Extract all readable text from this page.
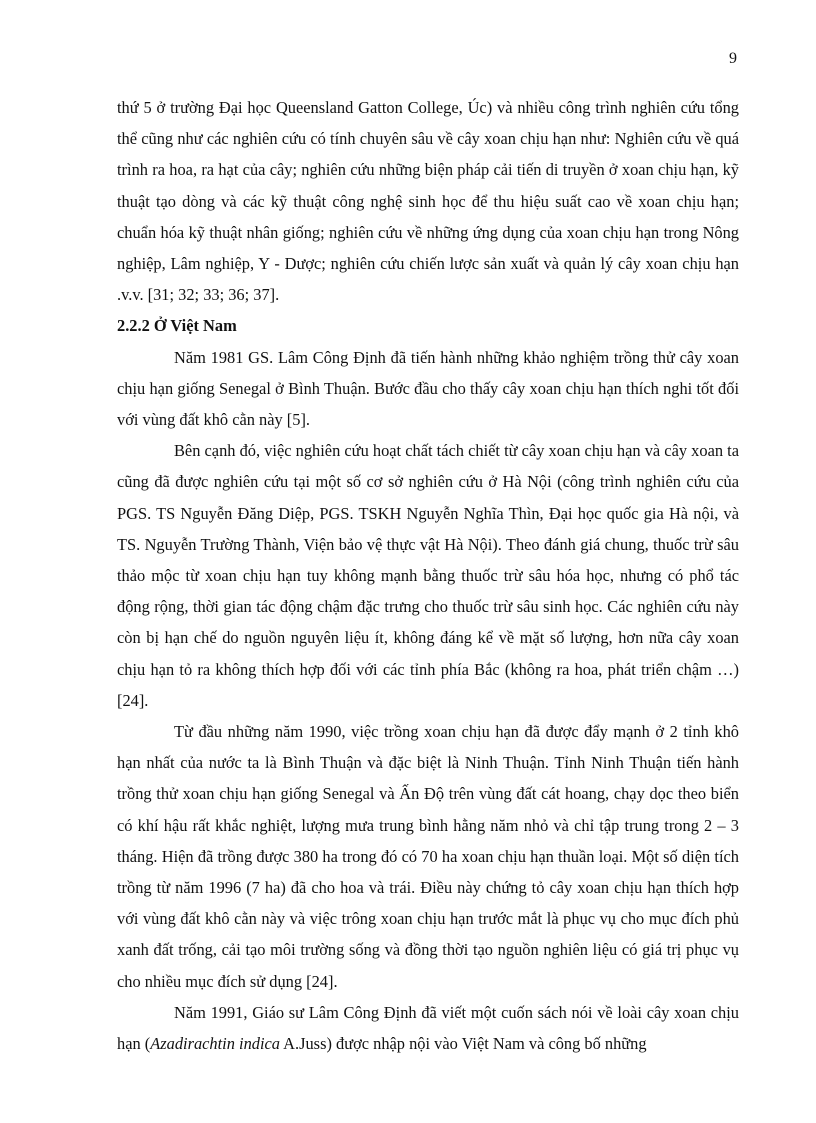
9

thứ 5 ở trường Đại học Queensland Gatton College, Úc) và nhiều công trình nghiên cứu tổng thể cũng như các nghiên cứu có tính chuyên sâu về cây xoan chịu hạn như: Nghiên cứu về quá trình ra hoa, ra hạt của cây; nghiên cứu những biện pháp cải tiến di truyền ở xoan chịu hạn, kỹ thuật tạo dòng và các kỹ thuật công nghệ sinh học để thu hiệu suất cao về xoan chịu hạn; chuẩn hóa kỹ thuật nhân giống; nghiên cứu về những ứng dụng của xoan chịu hạn trong Nông nghiệp, Lâm nghiệp, Y - Dược; nghiên cứu chiến lược sản xuất và quản lý cây xoan chịu hạn .v.v. [31; 32; 33; 36; 37].

2.2.2 Ở Việt Nam

Năm 1981 GS. Lâm Công Định đã tiến hành những khảo nghiệm trồng thử cây xoan chịu hạn giống Senegal ở Bình Thuận. Bước đầu cho thấy cây xoan chịu hạn thích nghi tốt đối với vùng đất khô cằn này [5].

Bên cạnh đó, việc nghiên cứu hoạt chất tách chiết từ cây xoan chịu hạn và cây xoan ta cũng đã được nghiên cứu tại một số cơ sở nghiên cứu ở Hà Nội (công trình nghiên cứu của PGS. TS Nguyễn Đăng Diệp, PGS. TSKH Nguyễn Nghĩa Thìn, Đại học quốc gia Hà nội, và TS. Nguyễn Trường Thành, Viện bảo vệ thực vật Hà Nội). Theo đánh giá chung, thuốc trừ sâu thảo mộc từ xoan chịu hạn tuy không mạnh bằng thuốc trừ sâu hóa học, nhưng có phổ tác động rộng, thời gian tác động chậm đặc trưng cho thuốc trừ sâu sinh học. Các nghiên cứu này còn bị hạn chế do nguồn nguyên liệu ít, không đáng kể về mặt số lượng, hơn nữa cây xoan chịu hạn tỏ ra không thích hợp đối với các tỉnh phía Bắc (không ra hoa, phát triển chậm …) [24].

Từ đầu những năm 1990, việc trồng xoan chịu hạn đã được đẩy mạnh ở 2 tỉnh khô hạn nhất của nước ta là Bình Thuận và đặc biệt là Ninh Thuận. Tỉnh Ninh Thuận tiến hành trồng thử xoan chịu hạn giống Senegal và Ấn Độ trên vùng đất cát hoang, chạy dọc theo biển có khí hậu rất khắc nghiệt, lượng mưa trung bình hằng năm nhỏ và chỉ tập trung trong 2 – 3 tháng. Hiện đã trồng được 380 ha trong đó có 70 ha xoan chịu hạn thuần loại. Một số diện tích trồng từ năm 1996 (7 ha) đã cho hoa và trái. Điều này chứng tỏ cây xoan chịu hạn thích hợp với vùng đất khô cằn này và việc trông xoan chịu hạn trước mắt là phục vụ cho mục đích phủ xanh đất trống, cải tạo môi trường sống và đồng thời tạo nguồn nghiên liệu có giá trị phục vụ cho nhiều mục đích sử dụng [24].

Năm 1991, Giáo sư Lâm Công Định đã viết một cuốn sách nói về loài cây xoan chịu hạn (Azadirachtin indica A.Juss) được nhập nội vào Việt Nam và công bố những
